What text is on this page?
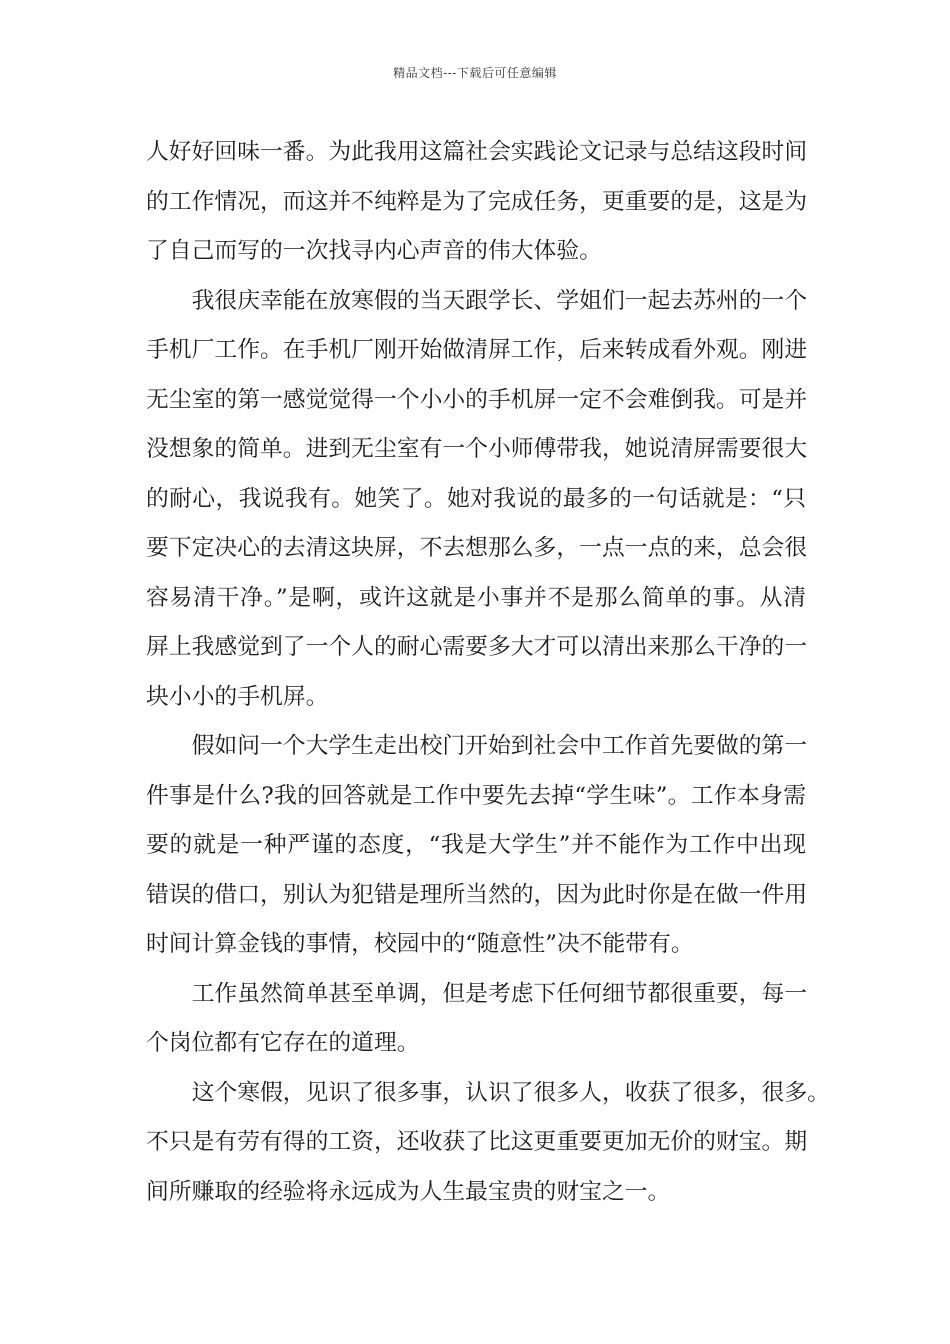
精品文档---下载后可任意编辑

人好好回味一番。为此我用这篇社会实践论文记录与总结这段时间
的工作情况，而这并不纯粹是为了完成任务，更重要的是，这是为
了自己而写的一次找寻内心声音的伟大体验。

我很庆幸能在放寒假的当天跟学长、学姐们一起去苏州的一个
手机厂工作。在手机厂刚开始做清屏工作，后来转成看外观。刚进
无尘室的第一感觉觉得一个小小的手机屏一定不会难倒我。可是并
没想象的简单。进到无尘室有一个小师傅带我，她说清屏需要很大
的耐心，我说我有。她笑了。她对我说的最多的一句话就是：“只
要下定决心的去清这块屏，不去想那么多，一点一点的来，总会很
容易清干净。”是啊，或许这就是小事并不是那么简单的事。从清
屏上我感觉到了一个人的耐心需要多大才可以清出来那么干净的一
块小小的手机屏。

假如问一个大学生走出校门开始到社会中工作首先要做的第一
件事是什么?我的回答就是工作中要先去掉“学生味”。工作本身需
要的就是一种严谨的态度，“我是大学生”并不能作为工作中出现
错误的借口，别认为犯错是理所当然的，因为此时你是在做一件用
时间计算金钱的事情，校园中的“随意性”决不能带有。

工作虽然简单甚至单调，但是考虑下任何细节都很重要，每一
个岗位都有它存在的道理。

这个寒假，见识了很多事，认识了很多人，收获了很多，很多。
不只是有劳有得的工资，还收获了比这更重要更加无价的财宝。期
间所赚取的经验将永远成为人生最宝贵的财宝之一。
